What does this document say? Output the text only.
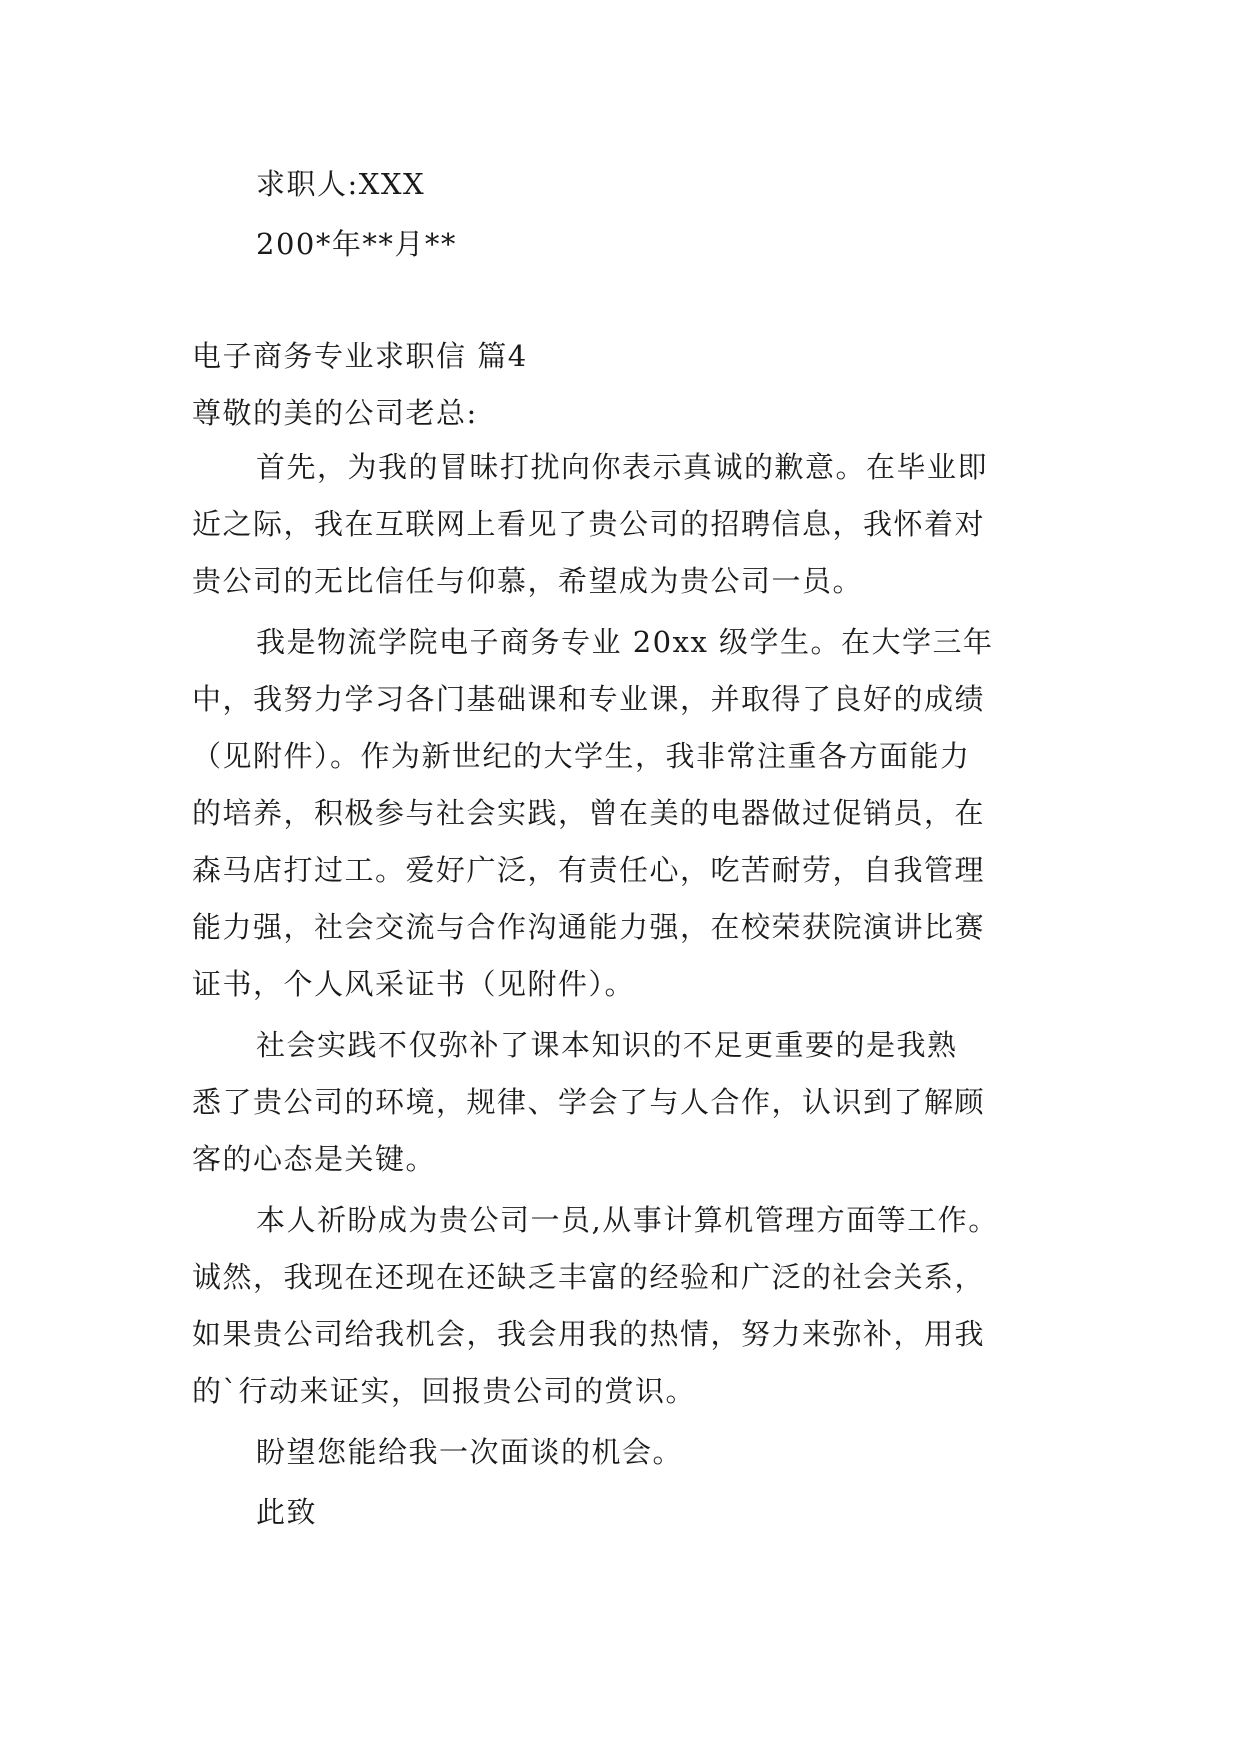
求职人:XXX
200*年**月**
电子商务专业求职信 篇4
尊敬的美的公司老总:
首先，为我的冒昧打扰向你表示真诚的歉意。在毕业即
近之际，我在互联网上看见了贵公司的招聘信息，我怀着对
贵公司的无比信任与仰慕，希望成为贵公司一员。
我是物流学院电子商务专业 20xx 级学生。在大学三年
中，我努力学习各门基础课和专业课，并取得了良好的成绩
（见附件）。作为新世纪的大学生，我非常注重各方面能力
的培养，积极参与社会实践，曾在美的电器做过促销员，在
森马店打过工。爱好广泛，有责任心，吃苦耐劳，自我管理
能力强，社会交流与合作沟通能力强，在校荣获院演讲比赛
证书，个人风采证书（见附件）。
社会实践不仅弥补了课本知识的不足更重要的是我熟
悉了贵公司的环境，规律、学会了与人合作，认识到了解顾
客的心态是关键。
本人祈盼成为贵公司一员,从事计算机管理方面等工作。
诚然，我现在还现在还缺乏丰富的经验和广泛的社会关系，
如果贵公司给我机会，我会用我的热情，努力来弥补，用我
的`行动来证实，回报贵公司的赏识。
盼望您能给我一次面谈的机会。
此致
